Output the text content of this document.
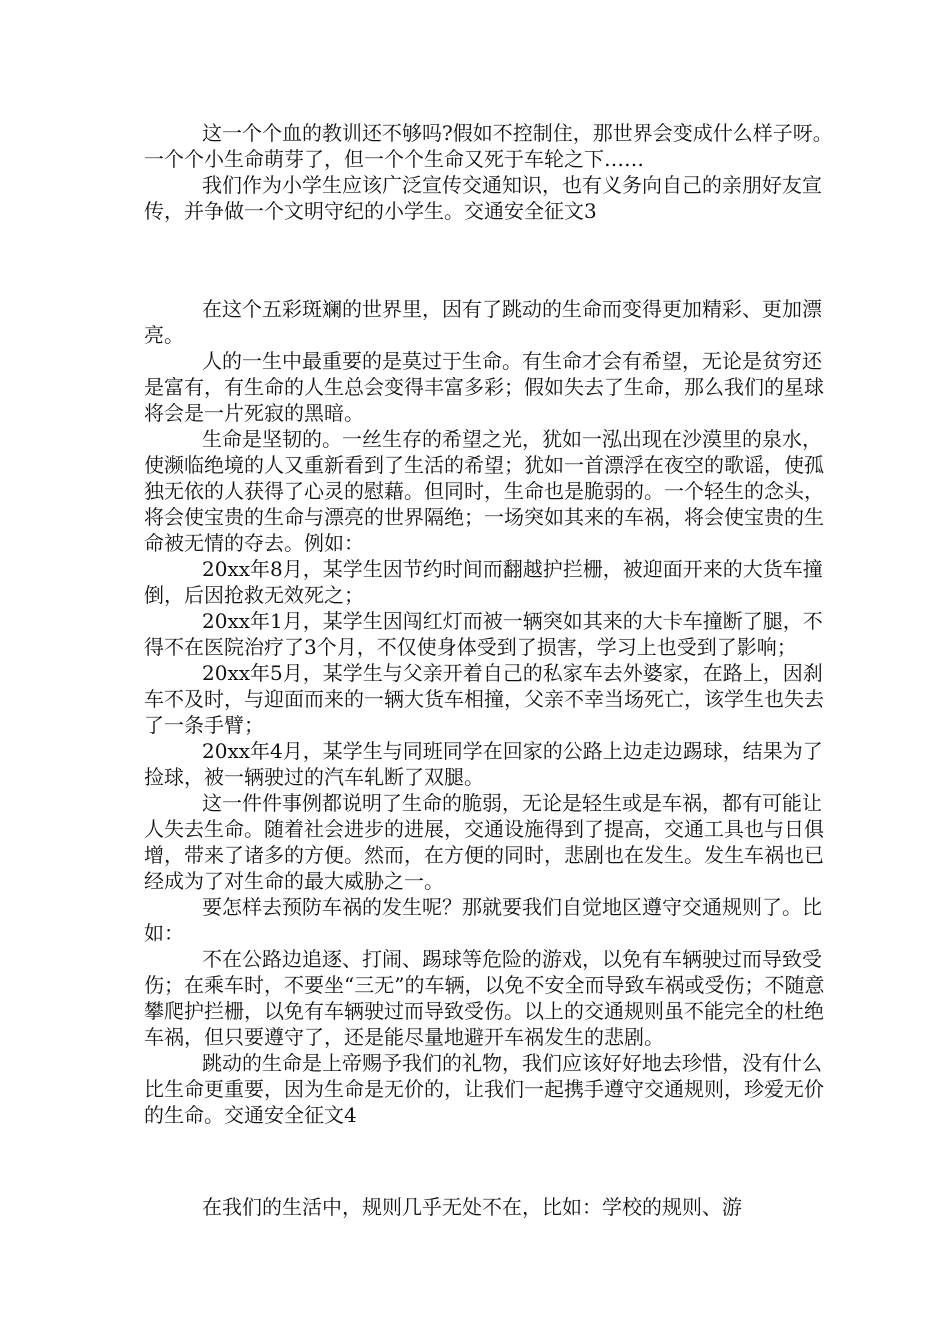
这一个个血的教训还不够吗?假如不控制住，那世界会变成什么样子呀。一个个小生命萌芽了，但一个个生命又死于车轮之下……

我们作为小学生应该广泛宣传交通知识，也有义务向自己的亲朋好友宣传，并争做一个文明守纪的小学生。交通安全征文3

在这个五彩斑斓的世界里，因有了跳动的生命而变得更加精彩、更加漂亮。

人的一生中最重要的是莫过于生命。有生命才会有希望，无论是贫穷还是富有，有生命的人生总会变得丰富多彩；假如失去了生命，那么我们的星球将会是一片死寂的黑暗。

生命是坚韧的。一丝生存的希望之光，犹如一泓出现在沙漠里的泉水，使濒临绝境的人又重新看到了生活的希望；犹如一首漂浮在夜空的歌谣，使孤独无依的人获得了心灵的慰藉。但同时，生命也是脆弱的。一个轻生的念头，将会使宝贵的生命与漂亮的世界隔绝；一场突如其来的车祸，将会使宝贵的生命被无情的夺去。例如：

20xx年8月，某学生因节约时间而翻越护拦栅，被迎面开来的大货车撞倒，后因抢救无效死之；

20xx年1月，某学生因闯红灯而被一辆突如其来的大卡车撞断了腿，不得不在医院治疗了3个月，不仅使身体受到了损害，学习上也受到了影响；

20xx年5月，某学生与父亲开着自己的私家车去外婆家，在路上，因刹车不及时，与迎面而来的一辆大货车相撞，父亲不幸当场死亡，该学生也失去了一条手臂；

20xx年4月，某学生与同班同学在回家的公路上边走边踢球，结果为了捡球，被一辆驶过的汽车轧断了双腿。

这一件件事例都说明了生命的脆弱，无论是轻生或是车祸，都有可能让人失去生命。随着社会进步的进展，交通设施得到了提高，交通工具也与日俱增，带来了诸多的方便。然而，在方便的同时，悲剧也在发生。发生车祸也已经成为了对生命的最大威胁之一。

要怎样去预防车祸的发生呢？那就要我们自觉地区遵守交通规则了。比如：

不在公路边追逐、打闹、踢球等危险的游戏，以免有车辆驶过而导致受伤；在乘车时，不要坐“三无”的车辆，以免不安全而导致车祸或受伤；不随意攀爬护拦栅，以免有车辆驶过而导致受伤。以上的交通规则虽不能完全的杜绝车祸，但只要遵守了，还是能尽量地避开车祸发生的悲剧。

跳动的生命是上帝赐予我们的礼物，我们应该好好地去珍惜，没有什么比生命更重要，因为生命是无价的，让我们一起携手遵守交通规则，珍爱无价的生命。交通安全征文4

在我们的生活中，规则几乎无处不在，比如：学校的规则、游
